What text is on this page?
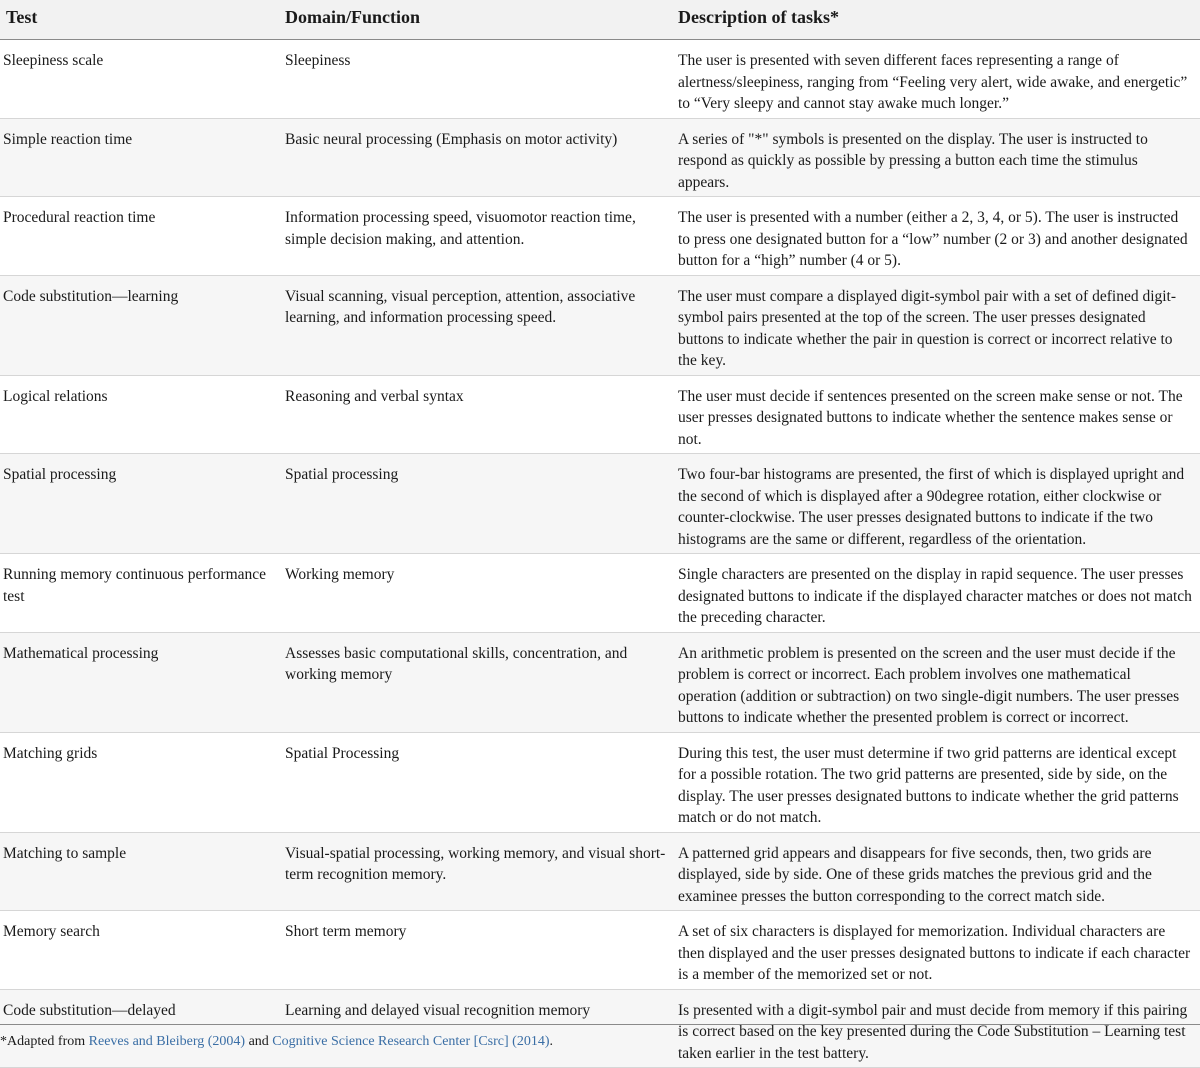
Test	Domain/Function	Description of tasks*
Sleepiness scale	Sleepiness	The user is presented with seven different faces representing a range of alertness/sleepiness, ranging from “Feeling very alert, wide awake, and energetic” to “Very sleepy and cannot stay awake much longer.”
Simple reaction time	Basic neural processing (Emphasis on motor activity)	A series of "*" symbols is presented on the display. The user is instructed to respond as quickly as possible by pressing a button each time the stimulus appears.
Procedural reaction time	Information processing speed, visuomotor reaction time, simple decision making, and attention.	The user is presented with a number (either a 2, 3, 4, or 5). The user is instructed to press one designated button for a “low” number (2 or 3) and another designated button for a “high” number (4 or 5).
Code substitution—learning	Visual scanning, visual perception, attention, associative learning, and information processing speed.	The user must compare a displayed digit-symbol pair with a set of defined digit-symbol pairs presented at the top of the screen. The user presses designated buttons to indicate whether the pair in question is correct or incorrect relative to the key.
Logical relations	Reasoning and verbal syntax	The user must decide if sentences presented on the screen make sense or not. The user presses designated buttons to indicate whether the sentence makes sense or not.
Spatial processing	Spatial processing	Two four-bar histograms are presented, the first of which is displayed upright and the second of which is displayed after a 90degree rotation, either clockwise or counter-clockwise. The user presses designated buttons to indicate if the two histograms are the same or different, regardless of the orientation.
Running memory continuous performance test	Working memory	Single characters are presented on the display in rapid sequence. The user presses designated buttons to indicate if the displayed character matches or does not match the preceding character.
Mathematical processing	Assesses basic computational skills, concentration, and working memory	An arithmetic problem is presented on the screen and the user must decide if the problem is correct or incorrect. Each problem involves one mathematical operation (addition or subtraction) on two single-digit numbers. The user presses buttons to indicate whether the presented problem is correct or incorrect.
Matching grids	Spatial Processing	During this test, the user must determine if two grid patterns are identical except for a possible rotation. The two grid patterns are presented, side by side, on the display. The user presses designated buttons to indicate whether the grid patterns match or do not match.
Matching to sample	Visual-spatial processing, working memory, and visual short-term recognition memory.	A patterned grid appears and disappears for five seconds, then, two grids are displayed, side by side. One of these grids matches the previous grid and the examinee presses the button corresponding to the correct match side.
Memory search	Short term memory	A set of six characters is displayed for memorization. Individual characters are then displayed and the user presses designated buttons to indicate if each character is a member of the memorized set or not.
Code substitution—delayed	Learning and delayed visual recognition memory	Is presented with a digit-symbol pair and must decide from memory if this pairing is correct based on the key presented during the Code Substitution – Learning test taken earlier in the test battery.
*Adapted from Reeves and Bleiberg (2004) and Cognitive Science Research Center [Csrc] (2014).
